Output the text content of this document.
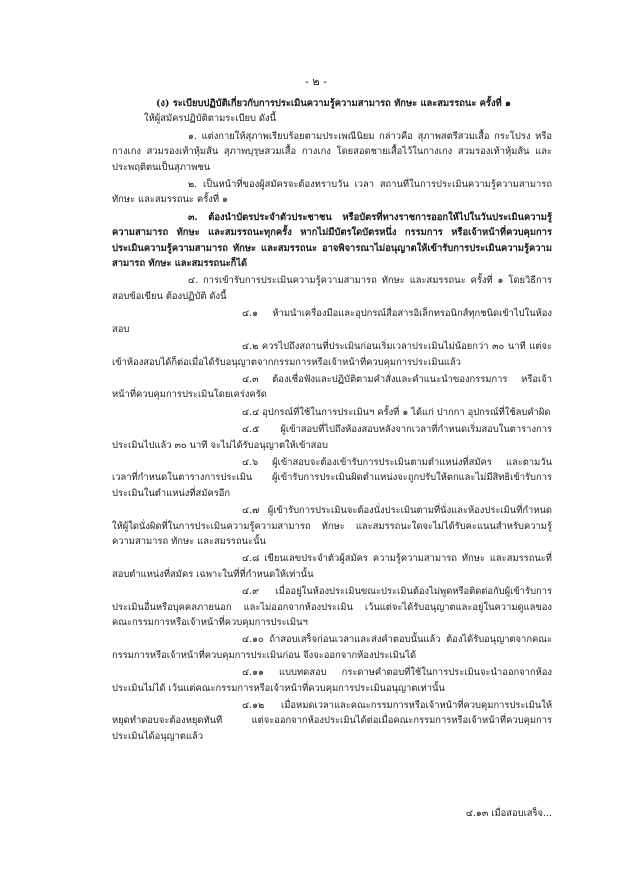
- ๒ -

(ง) ระเบียบปฏิบัติเกี่ยวกับการประเมินความรู้ความสามารถ ทักษะ และสมรรถนะ ครั้งที่ ๑

ให้ผู้สมัครปฏิบัติตามระเบียบ ดังนี้

๑. แต่งกายให้สุภาพเรียบร้อยตามประเพณีนิยม กล่าวคือ สุภาพสตรีสวมเสื้อ กระโปรง หรือกางเกง สวมรองเท้าหุ้มส้น สุภาพบุรุษสวมเสื้อ กางเกง โดยสอดชายเสื้อไว้ในกางเกง สวมรองเท้าหุ้มส้น และประพฤติตนเป็นสุภาพชน

๒. เป็นหน้าที่ของผู้สมัครจะต้องทราบวัน เวลา สถานที่ในการประเมินความรู้ความสามารถ ทักษะ และสมรรถนะ ครั้งที่ ๑

๓. ต้องนำบัตรประจำตัวประชาชน หรือบัตรที่ทางราชการออกให้ไปในวันประเมินความรู้ความสามารถ ทักษะ และสมรรถนะทุกครั้ง หากไม่มีบัตรใดบัตรหนึ่ง กรรมการ หรือเจ้าหน้าที่ควบคุมการประเมินความรู้ความสามารถ ทักษะ และสมรรถนะ อาจพิจารณาไม่อนุญาตให้เข้ารับการประเมินความรู้ความสามารถ ทักษะ และสมรรถนะก็ได้

๔. การเข้ารับการประเมินความรู้ความสามารถ ทักษะ และสมรรถนะ ครั้งที่ ๑ โดยวิธีการสอบข้อเขียน ต้องปฏิบัติ ดังนี้

๔.๑ ห้ามนำเครื่องมือและอุปกรณ์สื่อสารอิเล็กทรอนิกส์ทุกชนิดเข้าไปในห้องสอบ

๔.๒ ควรไปถึงสถานที่ประเมินก่อนเริ่มเวลาประเมินไม่น้อยกว่า ๓๐ นาที แต่จะเข้าห้องสอบได้ก็ต่อเมื่อได้รับอนุญาตจากกรรมการหรือเจ้าหน้าที่ควบคุมการประเมินแล้ว

๔.๓ ต้องเชื่อฟังและปฏิบัติตามคำสั่งและคำแนะนำของกรรมการ หรือเจ้าหน้าที่ควบคุมการประเมินโดยเคร่งครัด

๔.๔ อุปกรณ์ที่ใช้ในการประเมินฯ ครั้งที่ ๑ ได้แก่ ปากกา อุปกรณ์ที่ใช้ลบคำผิด

๔.๕ ผู้เข้าสอบที่ไปถึงห้องสอบหลังจากเวลาที่กำหนดเริ่มสอบในตารางการประเมินไปแล้ว ๓๐ นาที จะไม่ได้รับอนุญาตให้เข้าสอบ

๔.๖ ผู้เข้าสอบจะต้องเข้ารับการประเมินตามตำแหน่งที่สมัคร และตามวัน เวลาที่กำหนดในตารางการประเมิน ผู้เข้ารับการประเมินผิดตำแหน่งจะถูกปรับให้ตกและไม่มีสิทธิเข้ารับการประเมินในตำแหน่งที่สมัครอีก

๔.๗ ผู้เข้ารับการประเมินจะต้องนั่งประเมินตามที่นั่งและห้องประเมินที่กำหนดให้ผู้ใดนั่งผิดที่ในการประเมินความรู้ความสามารถ ทักษะ และสมรรถนะใดจะไม่ได้รับคะแนนสำหรับความรู้ความสามารถ ทักษะ และสมรรถนะนั้น

๔.๘ เขียนเลขประจำตัวผู้สมัคร ความรู้ความสามารถ ทักษะ และสมรรถนะที่สอบตำแหน่งที่สมัคร เฉพาะในที่ที่กำหนดให้เท่านั้น

๔.๙ เมื่ออยู่ในห้องประเมินขณะประเมินต้องไม่พูดหรือติดต่อกับผู้เข้ารับการประเมินอื่นหรือบุคคลภายนอก และไม่ออกจากห้องประเมิน เว้นแต่จะได้รับอนุญาตและอยู่ในความดูแลของคณะกรรมการหรือเจ้าหน้าที่ควบคุมการประเมินฯ

๔.๑๐ ถ้าสอบเสร็จก่อนเวลาและส่งคำตอบนั้นแล้ว ต้องได้รับอนุญาตจากคณะกรรมการหรือเจ้าหน้าที่ควบคุมการประเมินก่อน จึงจะออกจากห้องประเมินได้

๔.๑๑ แบบทดสอบ กระดาษคำตอบที่ใช้ในการประเมินจะนำออกจากห้องประเมินไม่ได้ เว้นแต่คณะกรรมการหรือเจ้าหน้าที่ควบคุมการประเมินอนุญาตเท่านั้น

๔.๑๒ เมื่อหมดเวลาและคณะกรรมการหรือเจ้าหน้าที่ควบคุมการประเมินให้หยุดทำตอบจะต้องหยุดทันที แต่จะออกจากห้องประเมินได้ต่อเมื่อคณะกรรมการหรือเจ้าหน้าที่ควบคุมการประเมินได้อนุญาตแล้ว

๔.๑๓ เมื่อสอบเสร็จ...
